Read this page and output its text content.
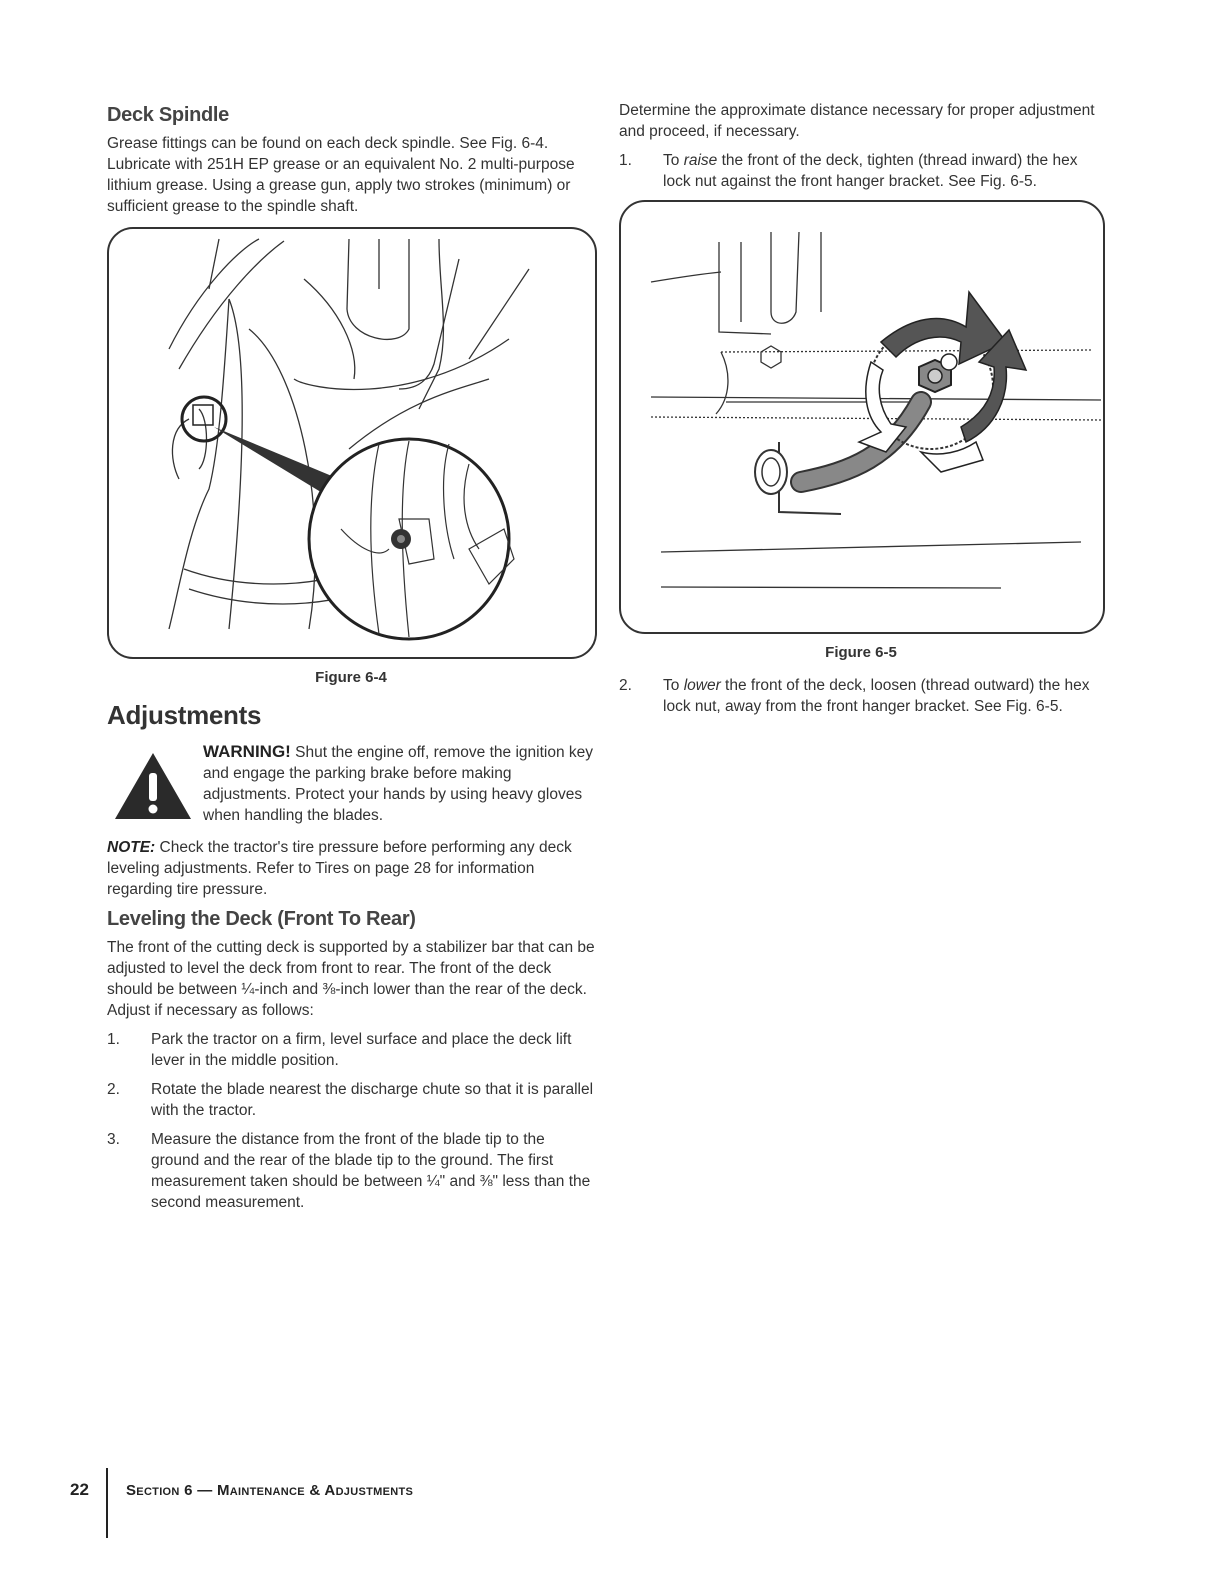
Deck Spindle

Grease fittings can be found on each deck spindle. See Fig. 6-4. Lubricate with 251H EP grease or an equivalent No. 2 multi-purpose lithium grease. Using a grease gun, apply two strokes (minimum) or sufficient grease to the spindle shaft.

Figure 6-4
Adjustments

WARNING! Shut the engine off, remove the ignition key and engage the parking brake before making adjustments. Protect your hands by using heavy gloves when handling the blades.

NOTE: Check the tractor's tire pressure before performing any deck leveling adjustments. Refer to Tires on page 28 for information regarding tire pressure.

Leveling the Deck (Front To Rear)

The front of the cutting deck is supported by a stabilizer bar that can be adjusted to level the deck from front to rear. The front of the deck should be between ¼-inch and ⅜-inch lower than the rear of the deck. Adjust if necessary as follows:

1. Park the tractor on a firm, level surface and place the deck lift lever in the middle position.
2. Rotate the blade nearest the discharge chute so that it is parallel with the tractor.
3. Measure the distance from the front of the blade tip to the ground and the rear of the blade tip to the ground. The first measurement taken should be between ¼" and ⅜" less than the second measurement.

Determine the approximate distance necessary for proper adjustment and proceed, if necessary.

1. To raise the front of the deck, tighten (thread inward) the hex lock nut against the front hanger bracket. See Fig. 6-5.
Figure 6-5
2. To lower the front of the deck, loosen (thread outward) the hex lock nut, away from the front hanger bracket. See Fig. 6-5.
22	Section 6 — Maintenance & Adjustments
